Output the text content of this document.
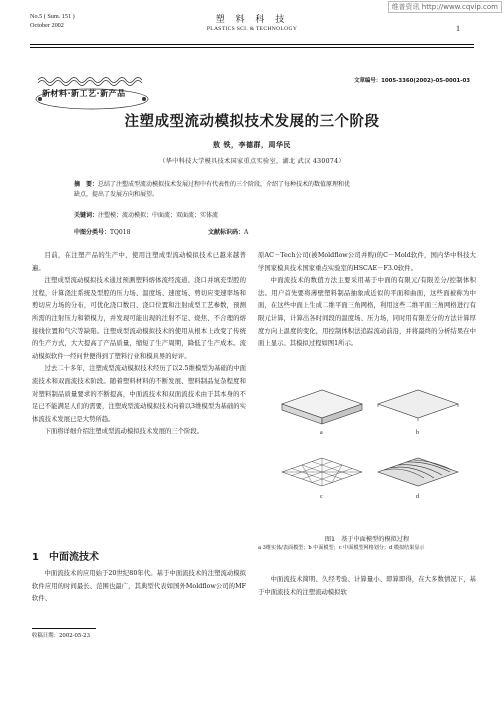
维普资讯 http://www.cqvip.com
No.5 ( Sum. 151 )
October 2002
塑 料 科 技
PLASTICS SCI. & TECHNOLOGY	1
新材料·新工艺·新产品
文章编号：1005-3360(2002)-05-0001-03
注塑成型流动模拟技术发展的三个阶段
敖 铁，李德群，周华民
（华中科技大学模具技术国家重点实验室，湖北 武汉 430074）
摘　要：总结了注塑成型流动模拟技术发展过程中有代表性的三个阶段，介绍了每种技术的数值原理和优
缺点，提出了发展方向和展望。
关键词：注塑模；流动模拟；中面流；双面流；实体流
中图分类号：TQ018	文献标识码：A

目前，在注塑产品的生产中，使用注塑成型流动模拟技术已越来越普遍。

注塑成型流动模拟技术通过预测塑料熔体流经流道、浇口并填充型腔的过程，计算浇注系统及型腔的压力场、温度场、速度场、剪切应变速率场和剪切应力场的分布，可优化浇口数目、浇口位置和注射成型工艺参数，预测所需的注射压力和锁模力，并发现可能出现的注射不足、烧焦、不合理的熔接线位置和气穴等缺陷。注塑成型流动模拟技术的使用从根本上改变了传统的生产方式，大大提高了产品质量，缩短了生产周期，降低了生产成本。流动模拟软件一经问世便得到了塑料行业和模具界的好评。

过去二十多年，注塑成型流动模拟技术经历了以2.5维模型为基础的中面流技术和双面流技术阶段。随着塑料材料的不断发展、塑料制品复杂程度和对塑料制品质量要求的不断提高，中面流技术和双面流技术由于其本身的不足已不能满足人们的需要，注塑成型流动模拟技术向着以3维模型为基础的实体流技术发展已是大势所趋。

下面将详细介绍注塑成型流动模拟技术发展的三个阶段。

1　中面流技术

中面流技术的应用始于20世纪80年代。基于中面流技术的注塑流动模拟软件应用的时间最长、范围也最广，其典型代表如国外Moldflow公司的MF软件、

收稿日期：2002-05-23

原AC－Tech公司(被Moldflow公司并购)的C－Mold软件，国内华中科技大学国家模具技术国家重点实验室的HSCAE－F3.0软件。

中面流技术的数值方法主要采用基于中面的有限元/有限差分/控制体积法。用户首先要将薄壁塑料制品抽象成近似的平面和曲面，这些面被称为中面，在这些中面上生成二维平面三角网格，利用这些二维平面三角网格进行有限元计算，计算出各时间段的温度场、压力场，同时用有限差分的方法计算厚度方向上温度的变化，用控制体积法追踪流动前沿，并将最终的分析结果在中面上显示。其模拟过程如图1所示。

a	b
c	d
图1　基于中面模型的模拟过程
a 3维实体/表面模型；b 中面模型；c 中面模型网格划分；d 模拟结果显示

中面流技术简明、久经考验、计算量小、即算即得，在大多数情况下，基于中面流技术的注塑流动模拟软
